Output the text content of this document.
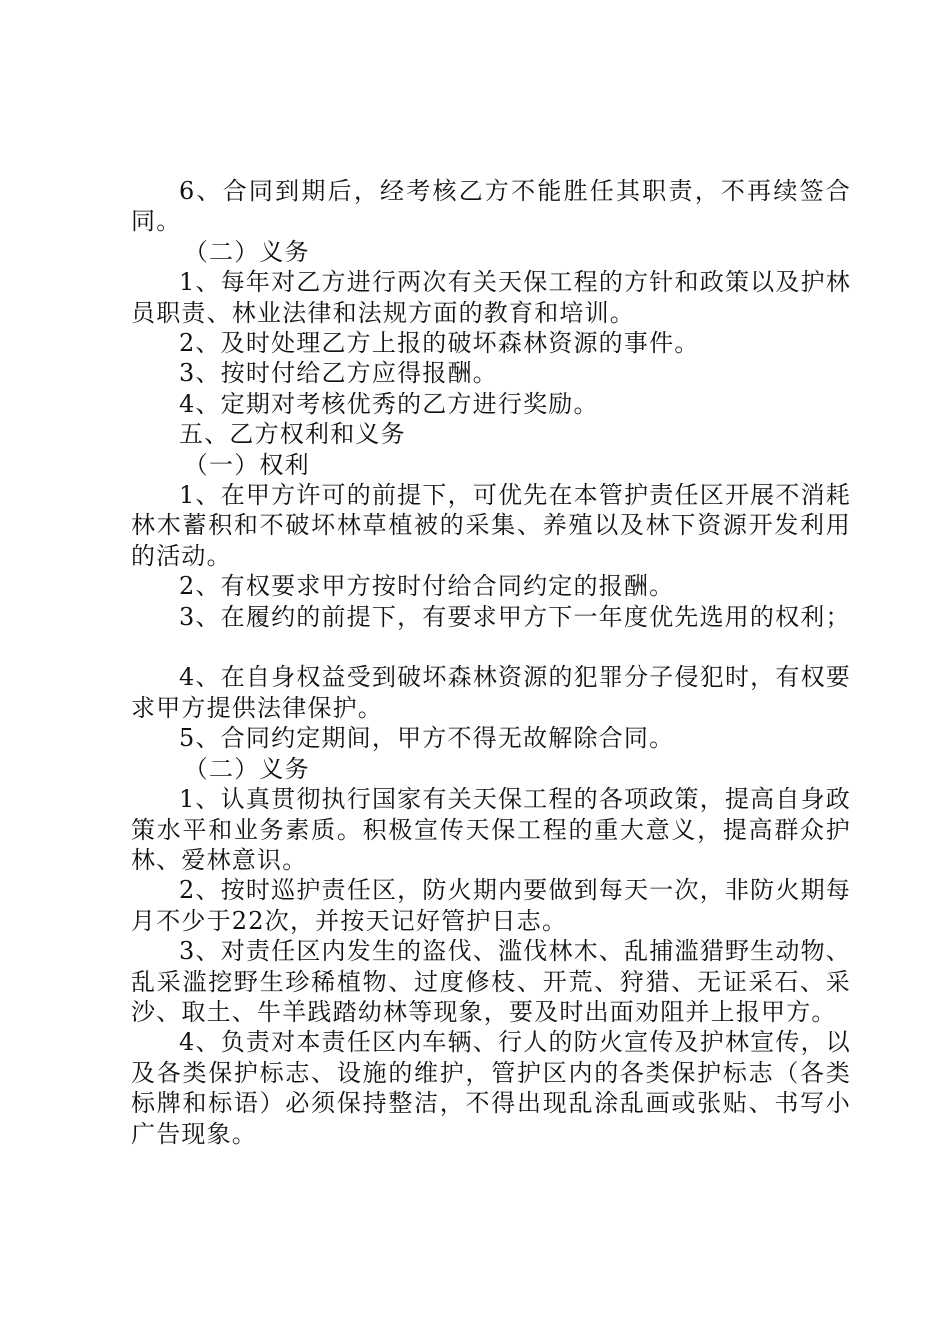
6、合同到期后，经考核乙方不能胜任其职责，不再续签合同。

（二）义务

1、每年对乙方进行两次有关天保工程的方针和政策以及护林员职责、林业法律和法规方面的教育和培训。

2、及时处理乙方上报的破坏森林资源的事件。

3、按时付给乙方应得报酬。

4、定期对考核优秀的乙方进行奖励。

五、乙方权利和义务

（一）权利

1、在甲方许可的前提下，可优先在本管护责任区开展不消耗林木蓄积和不破坏林草植被的采集、养殖以及林下资源开发利用的活动。

2、有权要求甲方按时付给合同约定的报酬。

3、在履约的前提下，有要求甲方下一年度优先选用的权利；

4、在自身权益受到破坏森林资源的犯罪分子侵犯时，有权要求甲方提供法律保护。

5、合同约定期间，甲方不得无故解除合同。

（二）义务

1、认真贯彻执行国家有关天保工程的各项政策，提高自身政策水平和业务素质。积极宣传天保工程的重大意义，提高群众护林、爱林意识。

2、按时巡护责任区，防火期内要做到每天一次，非防火期每月不少于22次，并按天记好管护日志。

3、对责任区内发生的盗伐、滥伐林木、乱捕滥猎野生动物、乱采滥挖野生珍稀植物、过度修枝、开荒、狩猎、无证采石、采沙、取土、牛羊践踏幼林等现象，要及时出面劝阻并上报甲方。

4、负责对本责任区内车辆、行人的防火宣传及护林宣传，以及各类保护标志、设施的维护，管护区内的各类保护标志（各类标牌和标语）必须保持整洁，不得出现乱涂乱画或张贴、书写小广告现象。
